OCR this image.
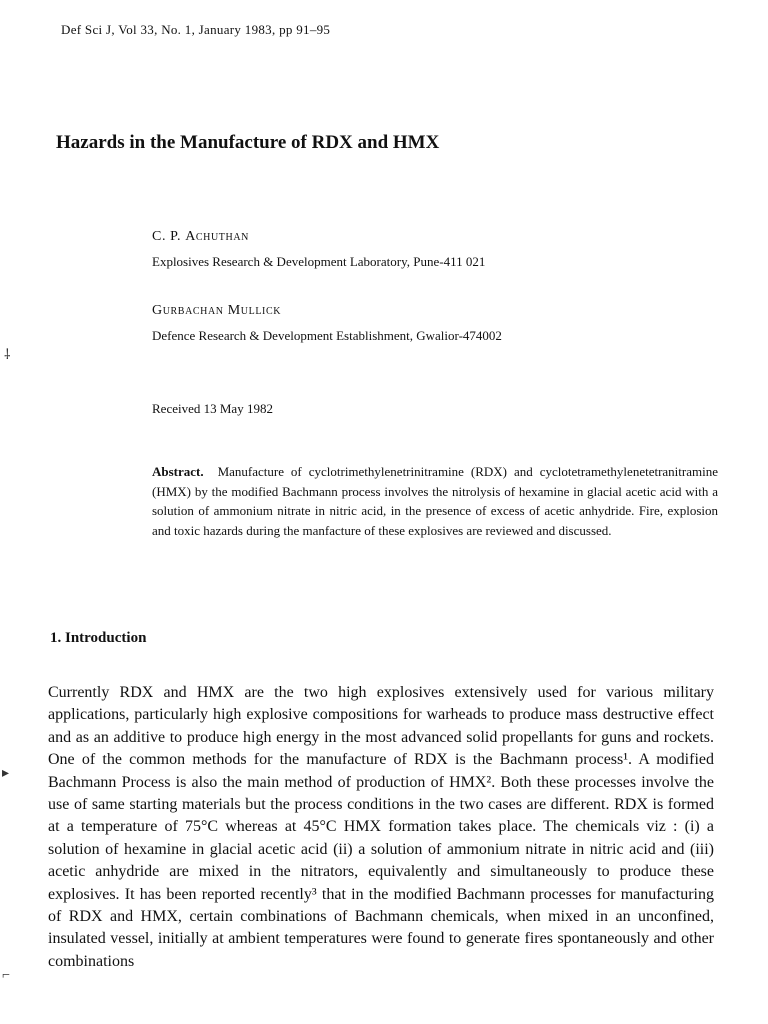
Def Sci J, Vol 33, No. 1, January 1983, pp 91–95
Hazards in the Manufacture of RDX and HMX
C. P. Achuthan
Explosives Research & Development Laboratory, Pune-411 021
Gurbachan Mullick
Defence Research & Development Establishment, Gwalior-474002
Received 13 May 1982

Abstract. Manufacture of cyclotrimethylenetrinitramine (RDX) and cyclotetramethylenetetranitramine (HMX) by the modified Bachmann process involves the nitrolysis of hexamine in glacial acetic acid with a solution of ammonium nitrate in nitric acid, in the presence of excess of acetic anhydride. Fire, explosion and toxic hazards during the manfacture of these explosives are reviewed and discussed.

1. Introduction

Currently RDX and HMX are the two high explosives extensively used for various military applications, particularly high explosive compositions for warheads to produce mass destructive effect and as an additive to produce high energy in the most advanced solid propellants for guns and rockets. One of the common methods for the manufacture of RDX is the Bachmann process¹. A modified Bachmann Process is also the main method of production of HMX². Both these processes involve the use of same starting materials but the process conditions in the two cases are different. RDX is formed at a temperature of 75°C whereas at 45°C HMX formation takes place. The chemicals viz : (i) a solution of hexamine in glacial acetic acid (ii) a solution of ammonium nitrate in nitric acid and (iii) acetic anhydride are mixed in the nitrators, equivalently and simultaneously to produce these explosives. It has been reported recently³ that in the modified Bachmann processes for manufacturing of RDX and HMX, certain combinations of Bachmann chemicals, when mixed in an unconfined, insulated vessel, initially at ambient temperatures were found to generate fires spontaneously and other combinations

⸸
▸
⌐
